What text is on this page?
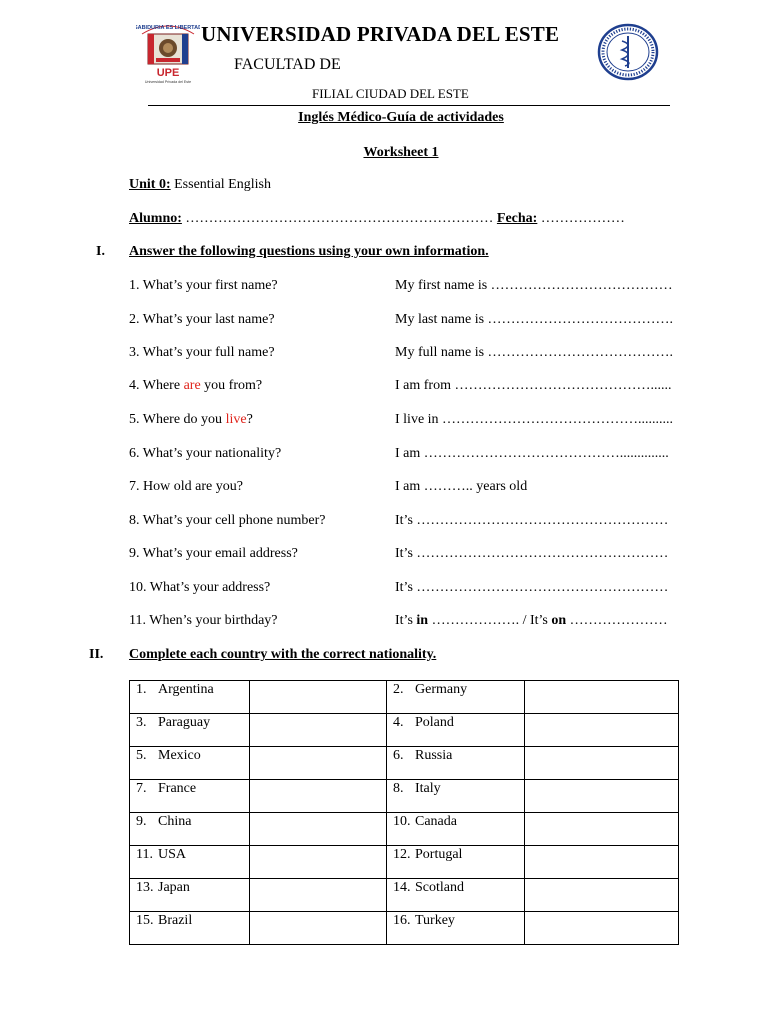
SABIDURIA ES LIBERTAD
UPE
Universidad Privada del Este
UNIVERSIDAD PRIVADA DEL ESTE
FACULTAD DE
FILIAL CIUDAD DEL ESTE
Inglés Médico-Guía de actividades
Worksheet 1
Unit 0: Essential English
Alumno: ………………………………………………………… Fecha: ………………
I. Answer the following questions using your own information.
1. What’s your first name?	My first name is …………………………………
2. What’s your last name?	My last name is ………………………………….
3. What’s your full name?	My full name is ………………………………….
4. Where are you from?	I am from ……………………………………......
5. Where do you live?	I live in ……………………………………..........
6. What’s your nationality?	I am ……………………………………..............
7. How old are you?	I am ……….. years old
8. What’s your cell phone number?	It’s ………………………………………………
9. What’s your email address?	It’s ………………………………………………
10. What’s your address?	It’s ………………………………………………
11. When’s your birthday?	It’s in ………………. / It’s on …………………
II. Complete each country with the correct nationality.
1. Argentina		2. Germany	
3. Paraguay		4. Poland	
5. Mexico		6. Russia	
7. France		8. Italy	
9. China		10. Canada	
11. USA		12. Portugal	
13. Japan		14. Scotland	
15. Brazil		16. Turkey	
